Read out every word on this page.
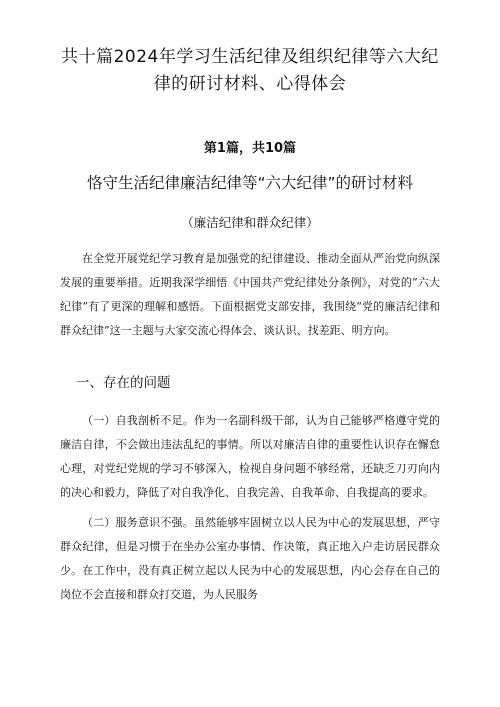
共十篇2024年学习生活纪律及组织纪律等六大纪
律的研讨材料、心得体会
第1篇，共10篇
恪守生活纪律廉洁纪律等“六大纪律”的研讨材料
（廉洁纪律和群众纪律）

在全党开展党纪学习教育是加强党的纪律建设、推动全面从严治党向纵深发展的重要举措。近期我深学细悟《中国共产党纪律处分条例》，对党的“六大纪律”有了更深的理解和感悟。下面根据党支部安排，我围绕“党的廉洁纪律和群众纪律”这一主题与大家交流心得体会、谈认识、找差距、明方向。

一、存在的问题

（一）自我剖析不足。作为一名副科级干部，认为自己能够严格遵守党的廉洁自律，不会做出违法乱纪的事情。所以对廉洁自律的重要性认识存在懈怠心理，对党纪党规的学习不够深入，检视自身问题不够经常，还缺乏刀刃向内的决心和毅力，降低了对自我净化、自我完善、自我革命、自我提高的要求。

（二）服务意识不强。虽然能够牢固树立以人民为中心的发展思想，严守群众纪律，但是习惯于在坐办公室办事情、作决策，真正地入户走访居民群众少。在工作中，没有真正树立起以人民为中心的发展思想，内心会存在自己的岗位不会直接和群众打交道，为人民服务
